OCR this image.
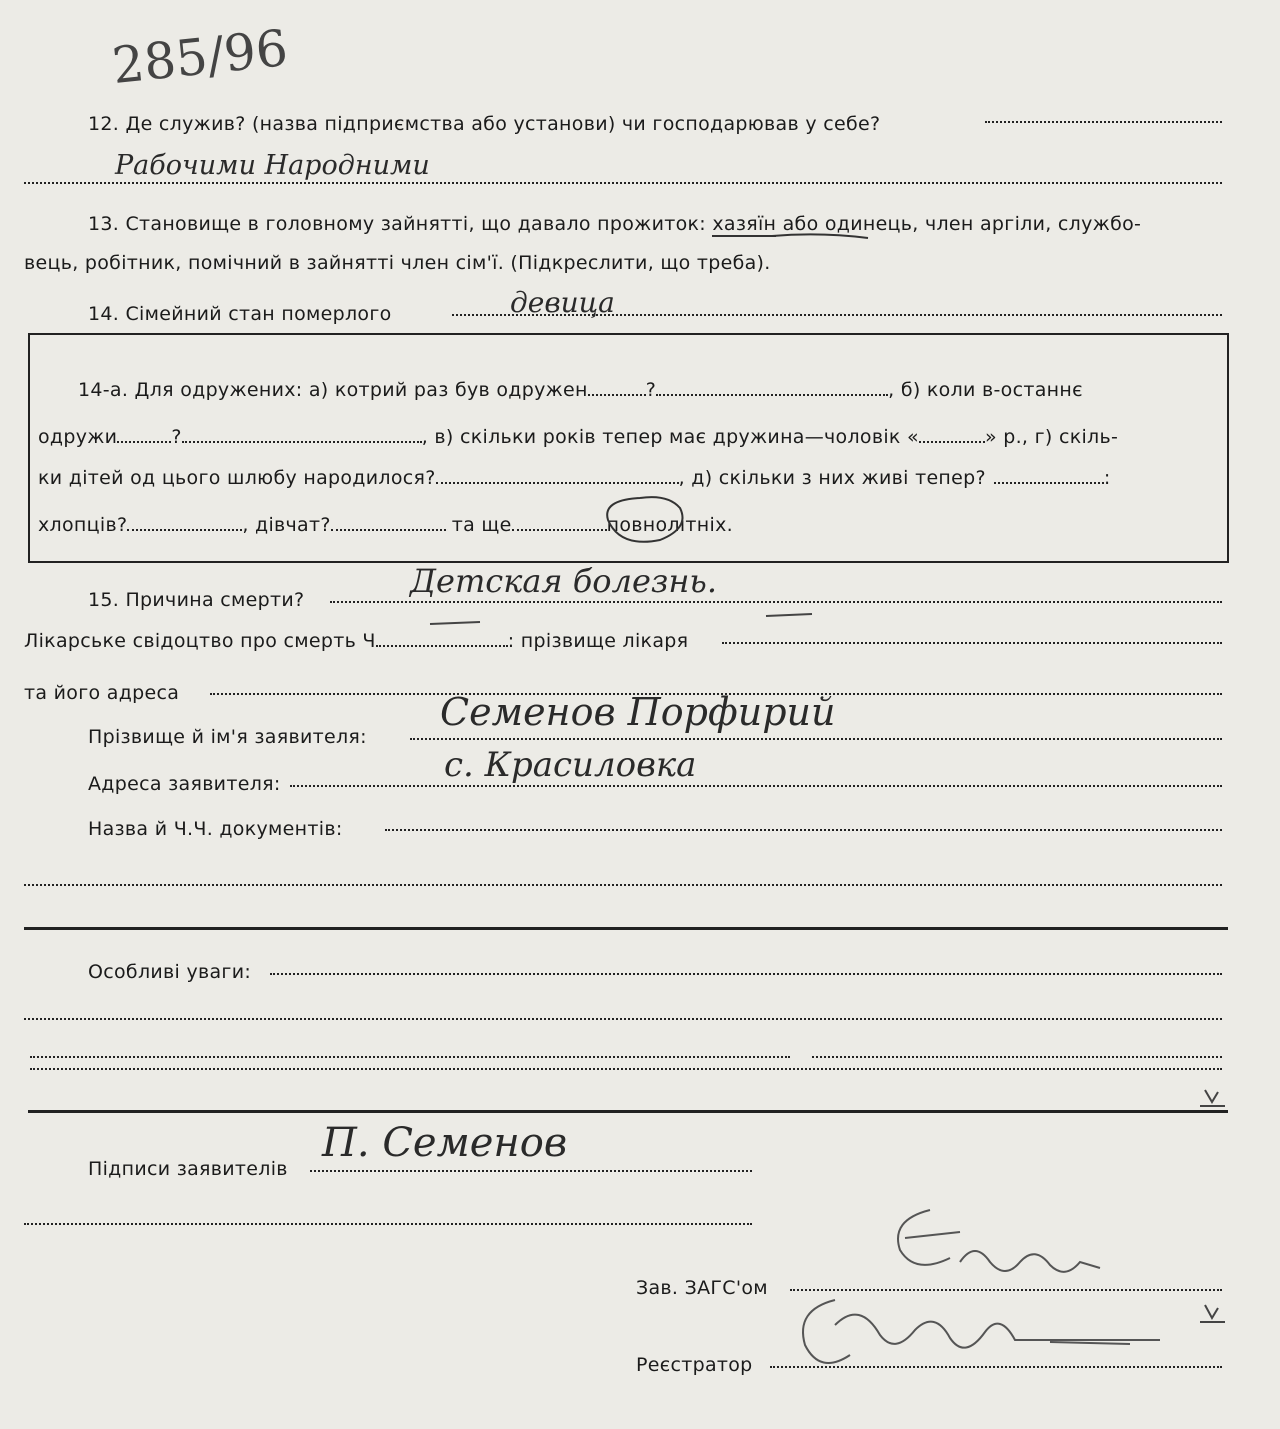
285/96
12. Де служив? (назва підприємства або установи) чи господарював у себе?
Рабочими Народними
13. Становище в головному зайнятті, що давало прожиток: хазяїн або одинець, член аргіли, службо-
вець, робітник, помічний в зайнятті член сім'ї. (Підкреслити, що треба).
14. Сімейний стан померлого	девица
14-а. Для одружених: а) котрий раз був одружен	?	, б) коли в-останнє
одружи	?	, в) скільки років тепер має дружина—чоловік «	» р., г) скіль-
ки дітей од цього шлюбу народилося?	, д) скільки з них живі тепер?	:
хлопців?	, дівчат?	та ще	повнолітніх.
15. Причина смерти?	Детская болезнь.
Лікарське свідоцтво про смерть Ч	: прізвище лікаря
та його адреса
Прізвище й ім'я заявителя:
Семенов Порфирий
Адреса заявителя:	с. Красиловка
Назва й Ч.Ч. документів:
Особливі уваги:
Підписи заявителів
П. Семенов
Зав. ЗАГС'ом
Реєстратор
